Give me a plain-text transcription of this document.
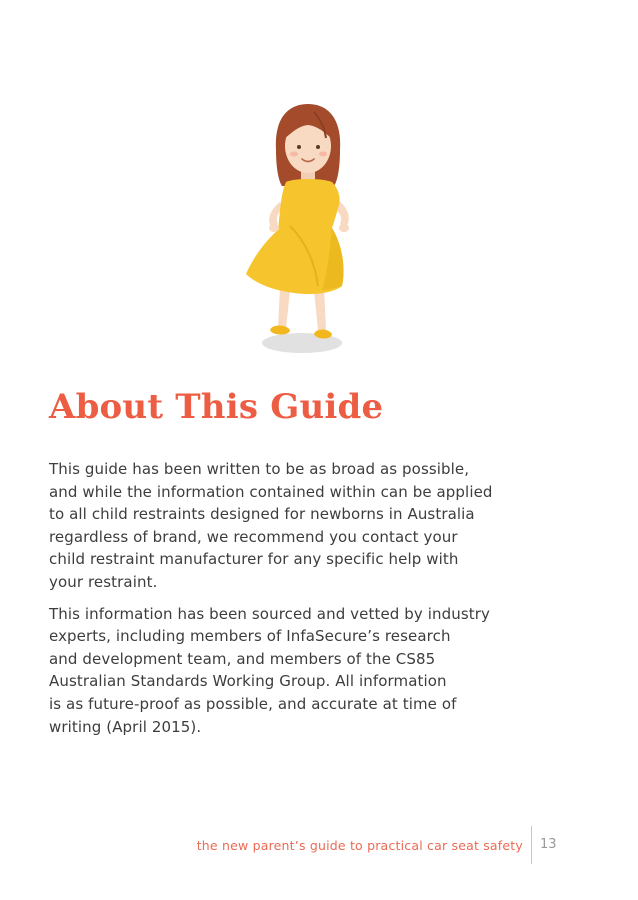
About This Guide

This guide has been written to be as broad as possible,
and while the information contained within can be applied
to all child restraints designed for newborns in Australia
regardless of brand, we recommend you contact your
child restraint manufacturer for any specific help with
your restraint.

This information has been sourced and vetted by industry
experts, including members of InfaSecure’s research
and development team, and members of the CS85
Australian Standards Working Group. All information
is as future-proof as possible, and accurate at time of
writing (April 2015).

the new parent’s guide to practical car seat safety 13
